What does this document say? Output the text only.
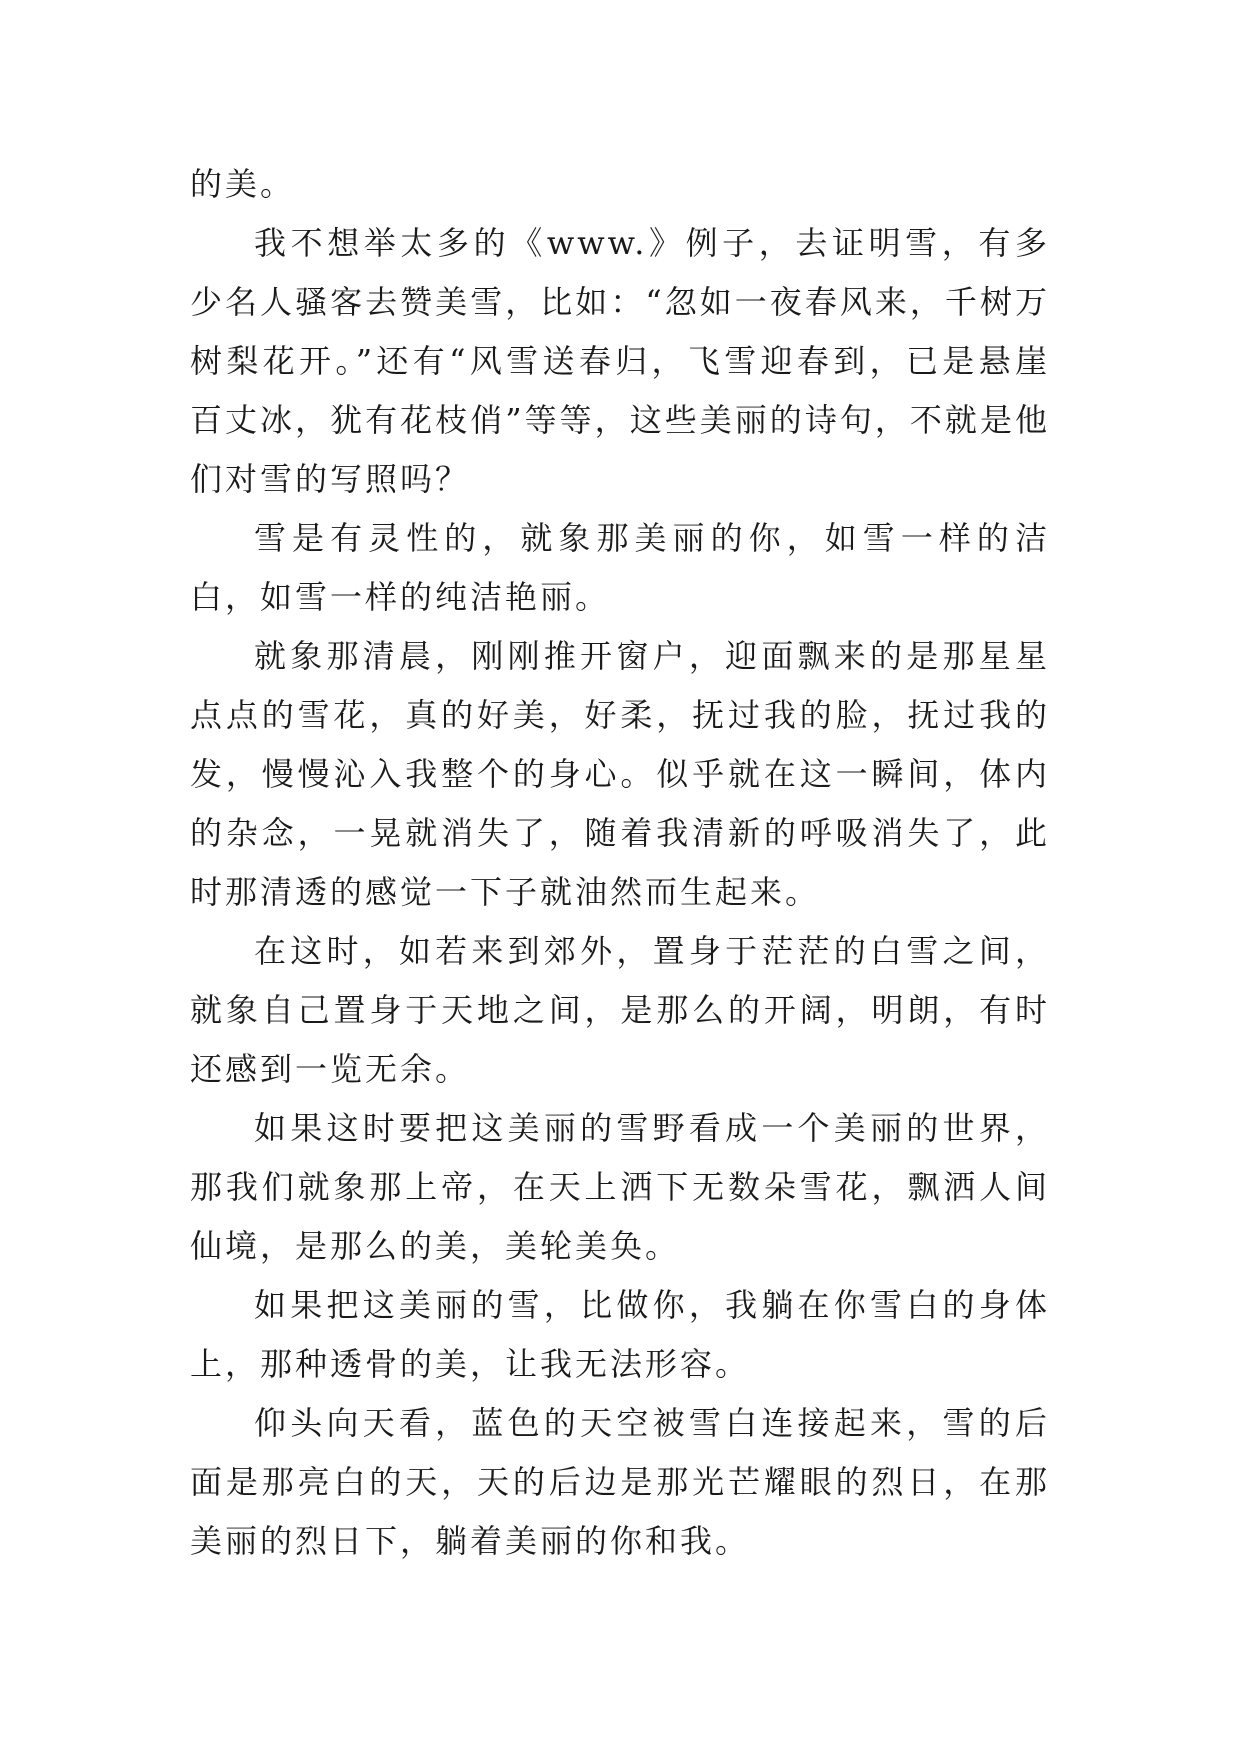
的美。

我不想举太多的《www.》例子，去证明雪，有多少名人骚客去赞美雪，比如：“忽如一夜春风来，千树万树梨花开。”还有“风雪送春归，飞雪迎春到，已是悬崖百丈冰，犹有花枝俏”等等，这些美丽的诗句，不就是他们对雪的写照吗？

雪是有灵性的，就象那美丽的你，如雪一样的洁白，如雪一样的纯洁艳丽。

就象那清晨，刚刚推开窗户，迎面飘来的是那星星点点的雪花，真的好美，好柔，抚过我的脸，抚过我的发，慢慢沁入我整个的身心。似乎就在这一瞬间，体内的杂念，一晃就消失了，随着我清新的呼吸消失了，此时那清透的感觉一下子就油然而生起来。

在这时，如若来到郊外，置身于茫茫的白雪之间，就象自己置身于天地之间，是那么的开阔，明朗，有时还感到一览无余。

如果这时要把这美丽的雪野看成一个美丽的世界，那我们就象那上帝，在天上洒下无数朵雪花，飘洒人间仙境，是那么的美，美轮美奂。

如果把这美丽的雪，比做你，我躺在你雪白的身体上，那种透骨的美，让我无法形容。

仰头向天看，蓝色的天空被雪白连接起来，雪的后面是那亮白的天，天的后边是那光芒耀眼的烈日，在那美丽的烈日下，躺着美丽的你和我。
